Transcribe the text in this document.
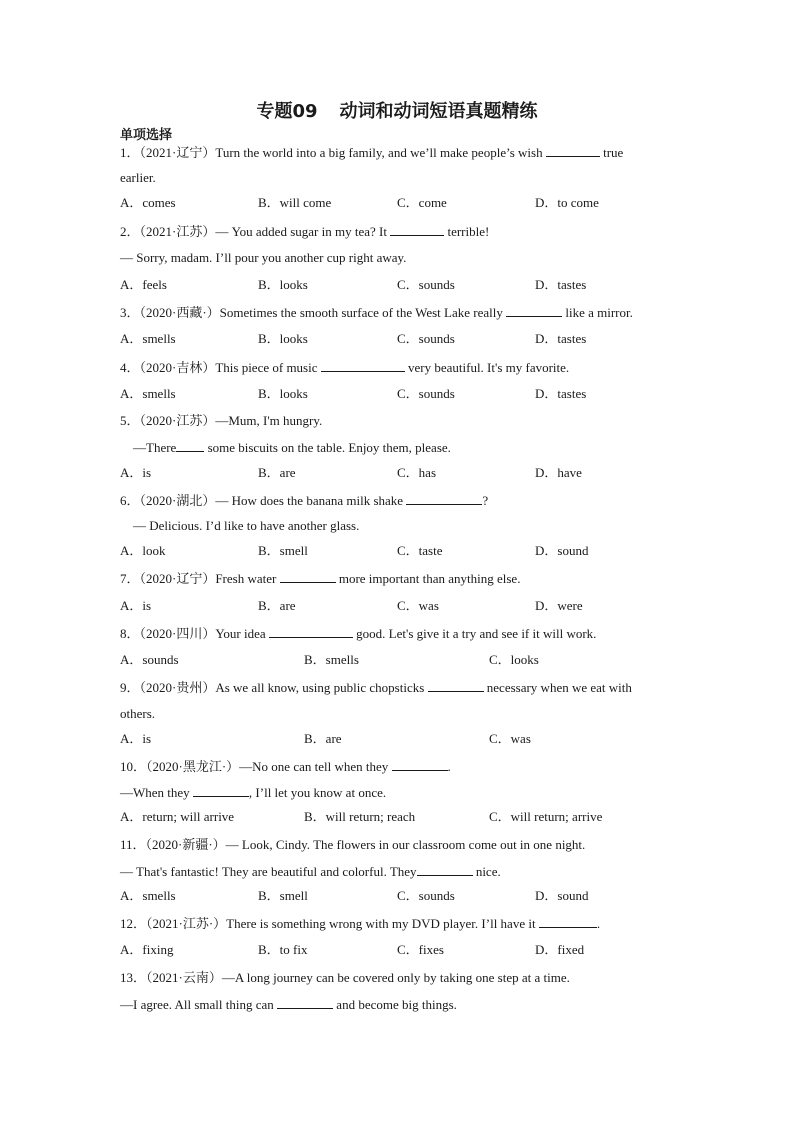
专题09 动词和动词短语真题精练
单项选择
1．（2021·辽宁）Turn the world into a big family, and we’ll make people’s wish	true
earlier.
A．comes	B．will come	C．come	D．to come
2．（2021·江苏）— You added sugar in my tea? It	terrible!
— Sorry, madam. I’ll pour you another cup right away.
A．feels	B．looks	C．sounds	D．tastes
3．（2020·西藏·）Sometimes the smooth surface of the West Lake really	like a mirror.
A．smells	B．looks	C．sounds	D．tastes
4．（2020·吉林）This piece of music	very beautiful. It's my favorite.
A．smells	B．looks	C．sounds	D．tastes
5．（2020·江苏）—Mum, I'm hungry.
—There some biscuits on the table. Enjoy them, please.
A．is	B．are	C．has	D．have
6．（2020·湖北）— How does the banana milk shake	?
— Delicious. I’d like to have another glass.
A．look	B．smell	C．taste	D．sound
7．（2020·辽宁）Fresh water	more important than anything else.
A．is	B．are	C．was	D．were
8．（2020·四川）Your idea	good. Let's give it a try and see if it will work.
A．sounds	B．smells	C．looks
9．（2020·贵州）As we all know, using public chopsticks	necessary when we eat with
others.
A．is	B．are	C．was
10．（2020·黑龙江·）—No one can tell when they	.
—When they	, I’ll let you know at once.
A．return; will arrive	B．will return; reach	C．will return; arrive
11．（2020·新疆·）— Look, Cindy. The flowers in our classroom come out in one night.
— That's fantastic! They are beautiful and colorful. They	nice.
A．smells	B．smell	C．sounds	D．sound
12．（2021·江苏·）There is something wrong with my DVD player. I’ll have it	.
A．fixing	B．to fix	C．fixes	D．fixed
13．（2021·云南）—A long journey can be covered only by taking one step at a time.
—I agree. All small thing can	and become big things.
